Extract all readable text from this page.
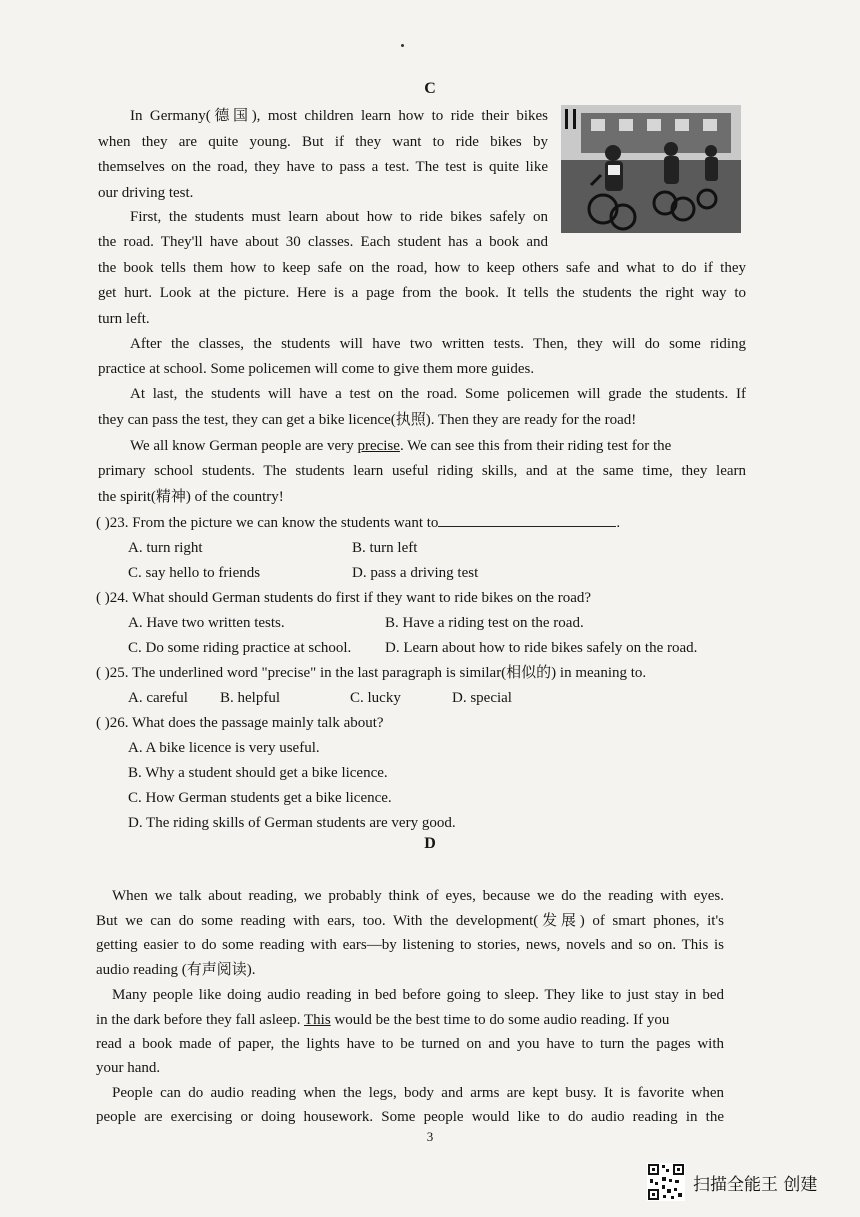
C
In Germany(德国), most children learn how to ride their bikes
when they are quite young. But if they want to ride bikes by
themselves on the road, they have to pass a test. The test is quite like
our driving test.
First, the students must learn about how to ride bikes safely on
the road. They'll have about 30 classes. Each student has a book and
the book tells them how to keep safe on the road, how to keep others safe and what to do if they
get hurt. Look at the picture. Here is a page from the book. It tells the students the right way to
turn left.
After the classes, the students will have two written tests. Then, they will do some riding
practice at school. Some policemen will come to give them more guides.
At last, the students will have a test on the road. Some policemen will grade the students. If
they can pass the test, they can get a bike licence(执照). Then they are ready for the road!
We all know German people are very precise. We can see this from their riding test for the
primary school students. The students learn useful riding skills, and at the same time, they learn
the spirit(精神) of the country!
( )23. From the picture we can know the students want to	.
A. turn right	B. turn left
C. say hello to friends	D. pass a driving test
( )24. What should German students do first if they want to ride bikes on the road?
A. Have two written tests.	B. Have a riding test on the road.
C. Do some riding practice at school. D. Learn about how to ride bikes safely on the road.
( )25. The underlined word "precise" in the last paragraph is similar(相似的) in meaning to.
A. careful B. helpful	C. lucky	D. special
( )26. What does the passage mainly talk about?
A. A bike licence is very useful.
B. Why a student should get a bike licence.
C. How German students get a bike licence.
D. The riding skills of German students are very good.
D
When we talk about reading, we probably think of eyes, because we do the reading with eyes.
But we can do some reading with ears, too. With the development(发展) of smart phones, it's
getting easier to do some reading with ears—by listening to stories, news, novels and so on. This is
audio reading (有声阅读).
Many people like doing audio reading in bed before going to sleep. They like to just stay in bed
in the dark before they fall asleep. This would be the best time to do some audio reading. If you
read a book made of paper, the lights have to be turned on and you have to turn the pages with
your hand.
People can do audio reading when the legs, body and arms are kept busy. It is favorite when
people are exercising or doing housework. Some people would like to do audio reading in the
3
扫描全能王 创建
